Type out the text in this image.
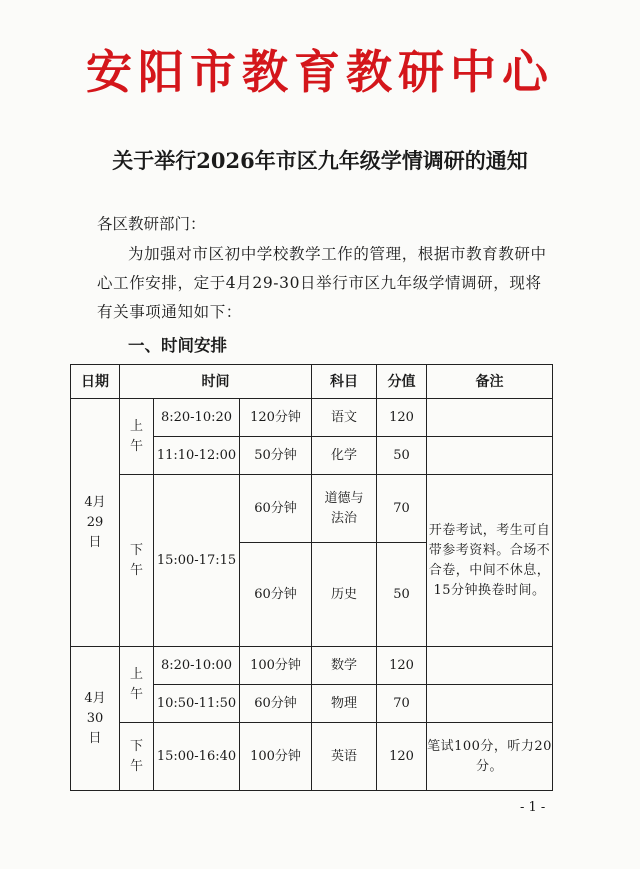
安阳市教育教研中心
关于举行2026年市区九年级学情调研的通知
各区教研部门：
为加强对市区初中学校教学工作的管理，根据市教育教研中心工作安排，定于4月29-30日举行市区九年级学情调研，现将有关事项通知如下：
一、时间安排
日期	时间			科目	分值	备注
4月29日	上午	8:20-10:20	120分钟	语文	120	
		11:10-12:00	50分钟	化学	50	
	下午	15:00-17:15	60分钟	道德与法治	70	开卷考试，考生可自带参考资料。合场不合卷，中间不休息，15分钟换卷时间。
			60分钟	历史	50	
4月30日	上午	8:20-10:00	100分钟	数学	120	
		10:50-11:50	60分钟	物理	70	
	下午	15:00-16:40	100分钟	英语	120	笔试100分，听力20分。
- 1 -
